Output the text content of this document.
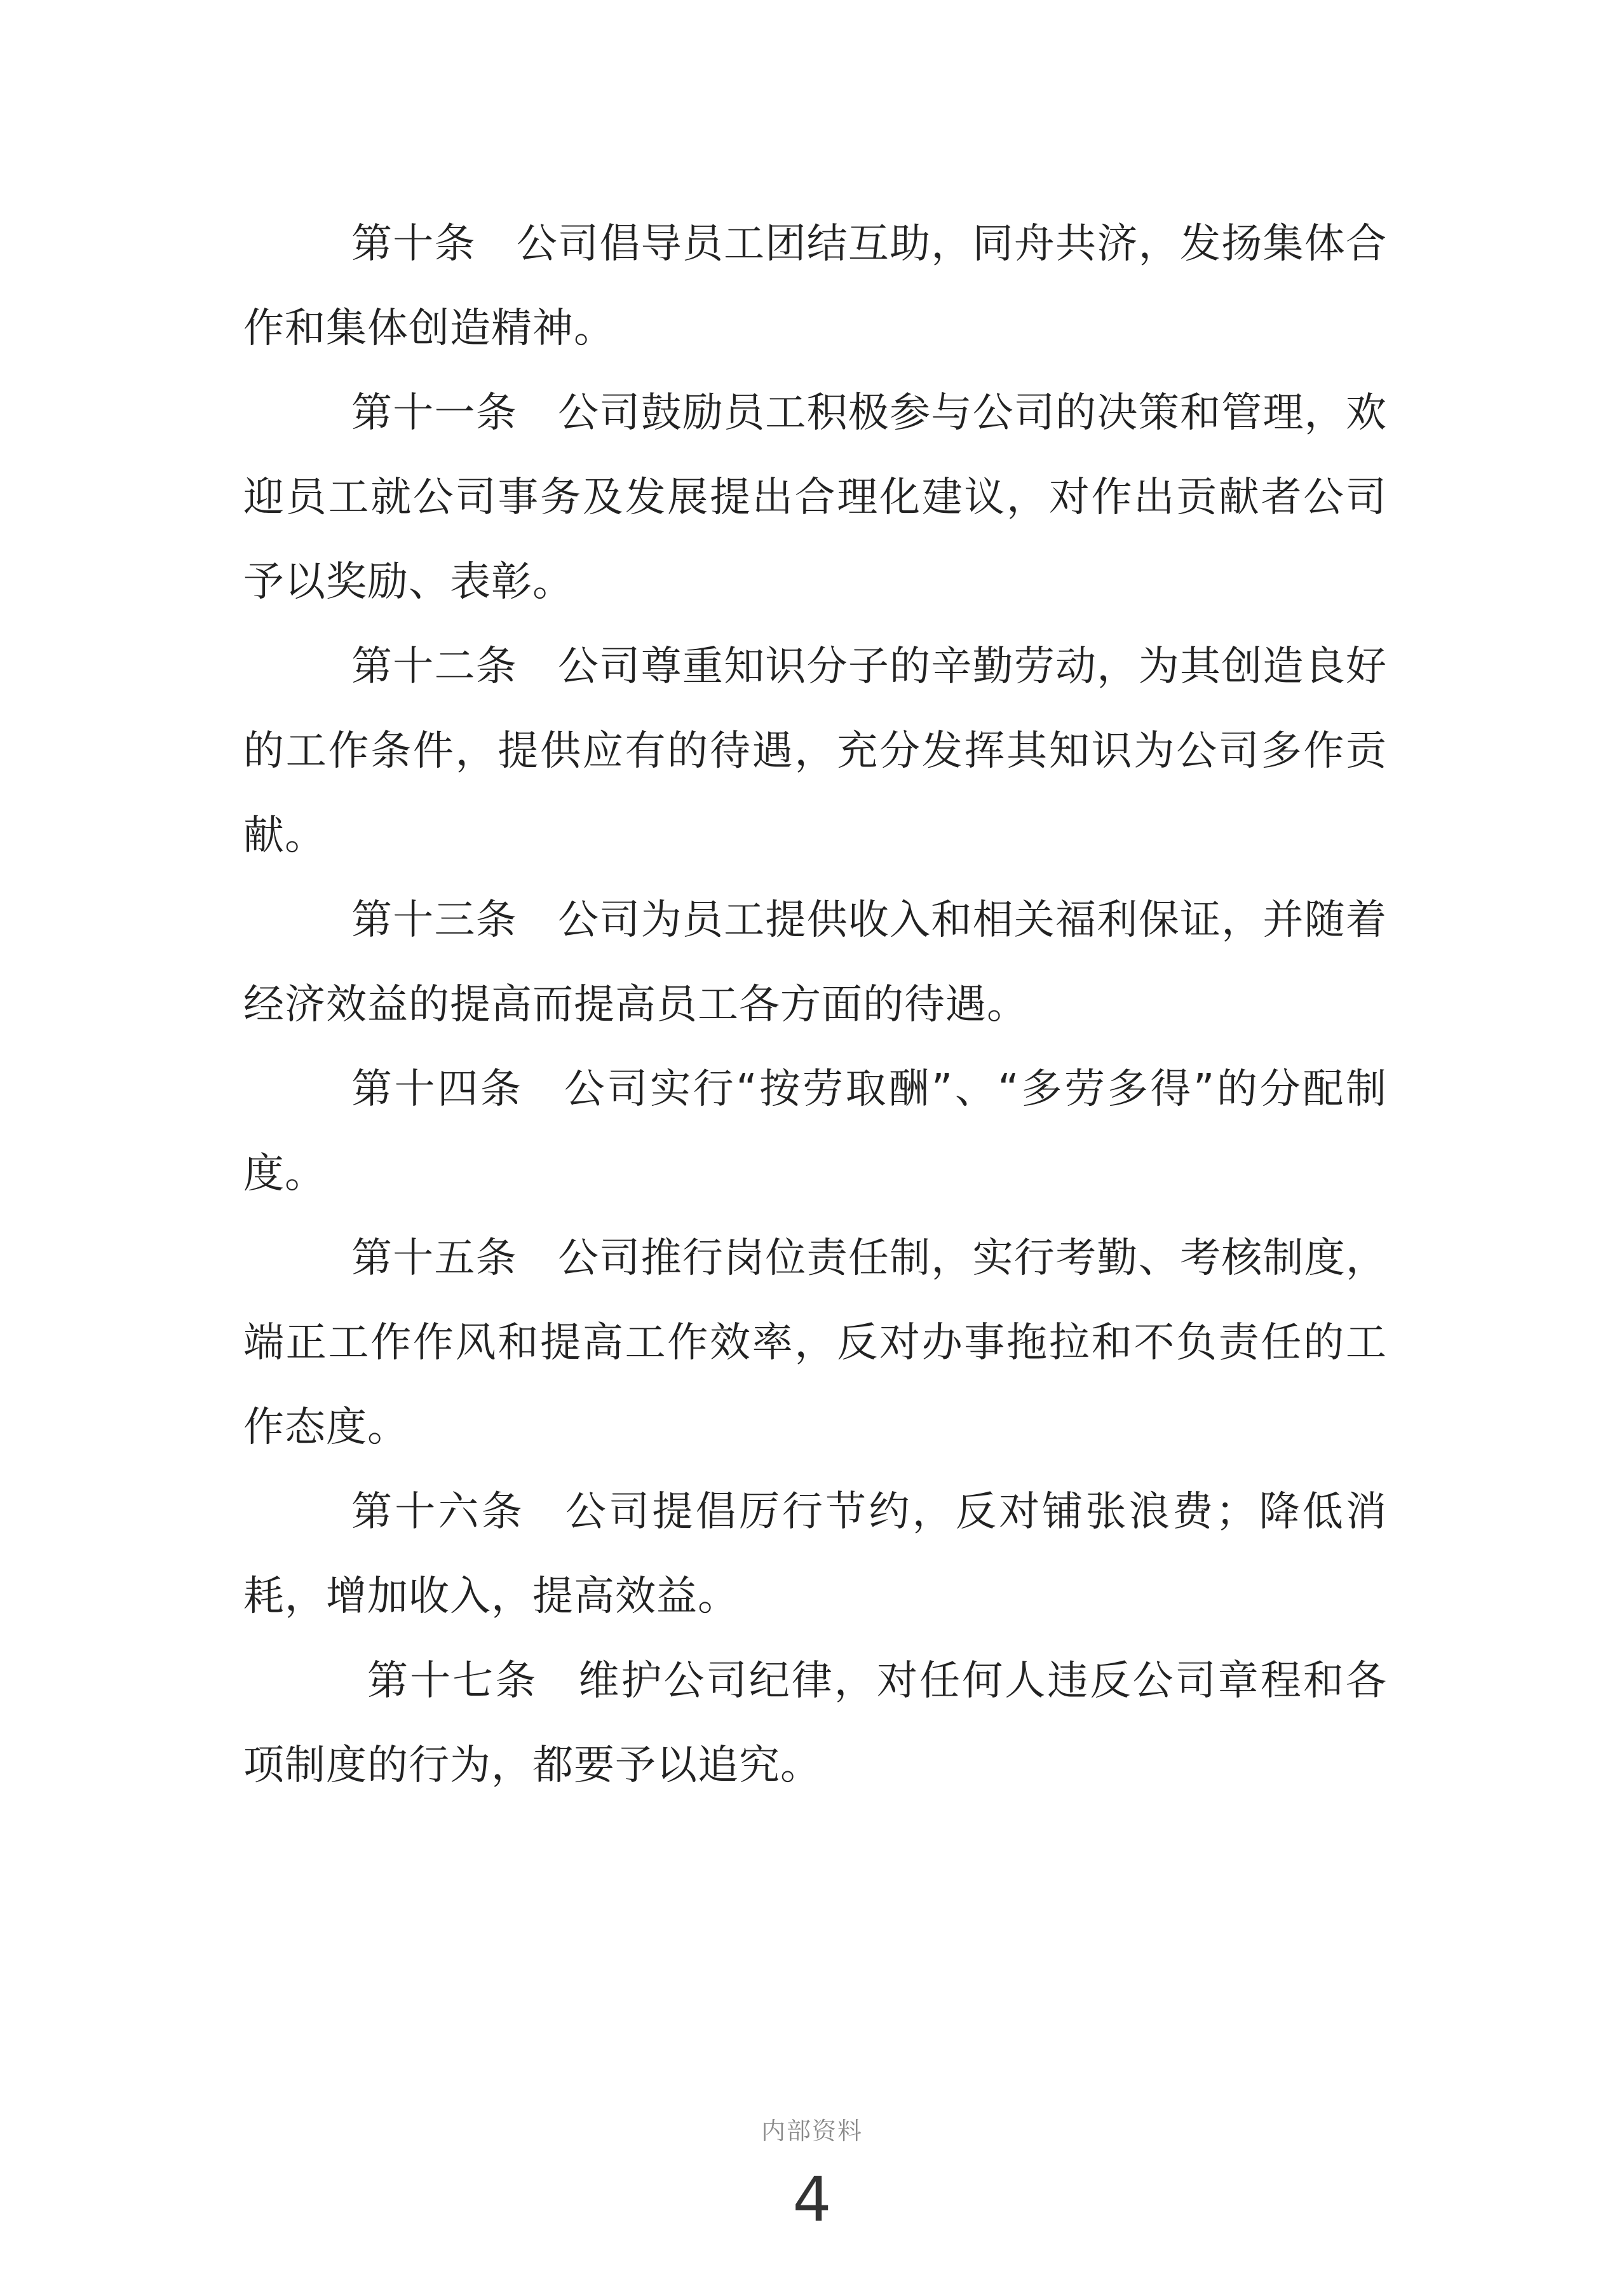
第十条 公司倡导员工团结互助，同舟共济，发扬集体合作和集体创造精神。

第十一条 公司鼓励员工积极参与公司的决策和管理，欢迎员工就公司事务及发展提出合理化建议，对作出贡献者公司予以奖励、表彰。

第十二条 公司尊重知识分子的辛勤劳动，为其创造良好的工作条件，提供应有的待遇，充分发挥其知识为公司多作贡献。

第十三条 公司为员工提供收入和相关福利保证，并随着经济效益的提高而提高员工各方面的待遇。

第十四条 公司实行“按劳取酬”、“多劳多得”的分配制度。

第十五条 公司推行岗位责任制，实行考勤、考核制度，端正工作作风和提高工作效率，反对办事拖拉和不负责任的工作态度。

第十六条 公司提倡厉行节约，反对铺张浪费；降低消耗，增加收入，提高效益。

第十七条 维护公司纪律，对任何人违反公司章程和各项制度的行为，都要予以追究。

内部资料
4
